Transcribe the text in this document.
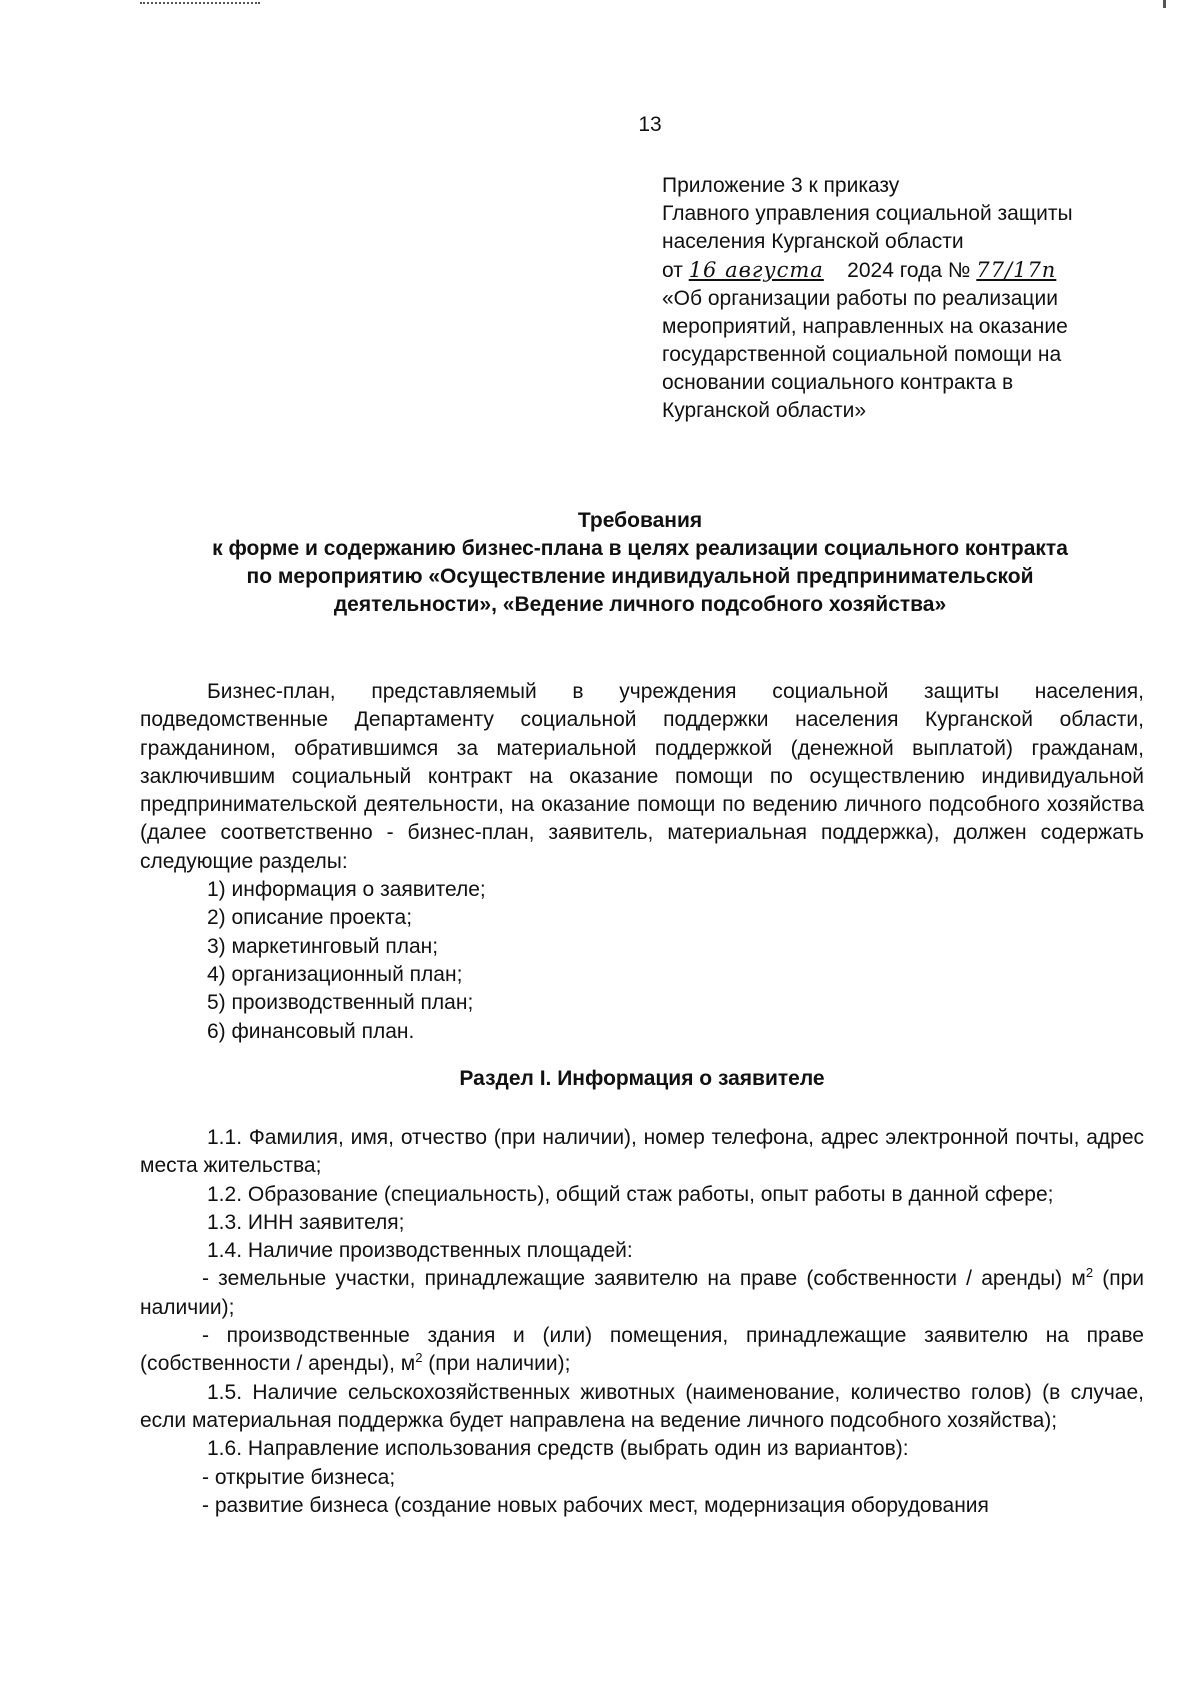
13
Приложение 3 к приказу
Главного управления социальной защиты
населения Курганской области
от 16 августа 2024 года № 77/17п
«Об организации работы по реализации
мероприятий, направленных на оказание
государственной социальной помощи на
основании социального контракта в
Курганской области»
Требования
к форме и содержанию бизнес-плана в целях реализации социального контракта
по мероприятию «Осуществление индивидуальной предпринимательской
деятельности», «Ведение личного подсобного хозяйства»

Бизнес-план, представляемый в учреждения социальной защиты населения, подведомственные Департаменту социальной поддержки населения Курганской области, гражданином, обратившимся за материальной поддержкой (денежной выплатой) гражданам, заключившим социальный контракт на оказание помощи по осуществлению индивидуальной предпринимательской деятельности, на оказание помощи по ведению личного подсобного хозяйства (далее соответственно - бизнес-план, заявитель, материальная поддержка), должен содержать следующие разделы:

1) информация о заявителе;

2) описание проекта;

3) маркетинговый план;

4) организационный план;

5) производственный план;

6) финансовый план.

Раздел I. Информация о заявителе

1.1. Фамилия, имя, отчество (при наличии), номер телефона, адрес электронной почты, адрес места жительства;

1.2. Образование (специальность), общий стаж работы, опыт работы в данной сфере;

1.3. ИНН заявителя;

1.4. Наличие производственных площадей:

- земельные участки, принадлежащие заявителю на праве (собственности / аренды) $м^2$ (при наличии);

- производственные здания и (или) помещения, принадлежащие заявителю на праве (собственности / аренды), $м^2$ (при наличии);

1.5. Наличие сельскохозяйственных животных (наименование, количество голов) (в случае, если материальная поддержка будет направлена на ведение личного подсобного хозяйства);

1.6. Направление использования средств (выбрать один из вариантов):

- открытие бизнеса;

- развитие бизнеса (создание новых рабочих мест, модернизация оборудования
